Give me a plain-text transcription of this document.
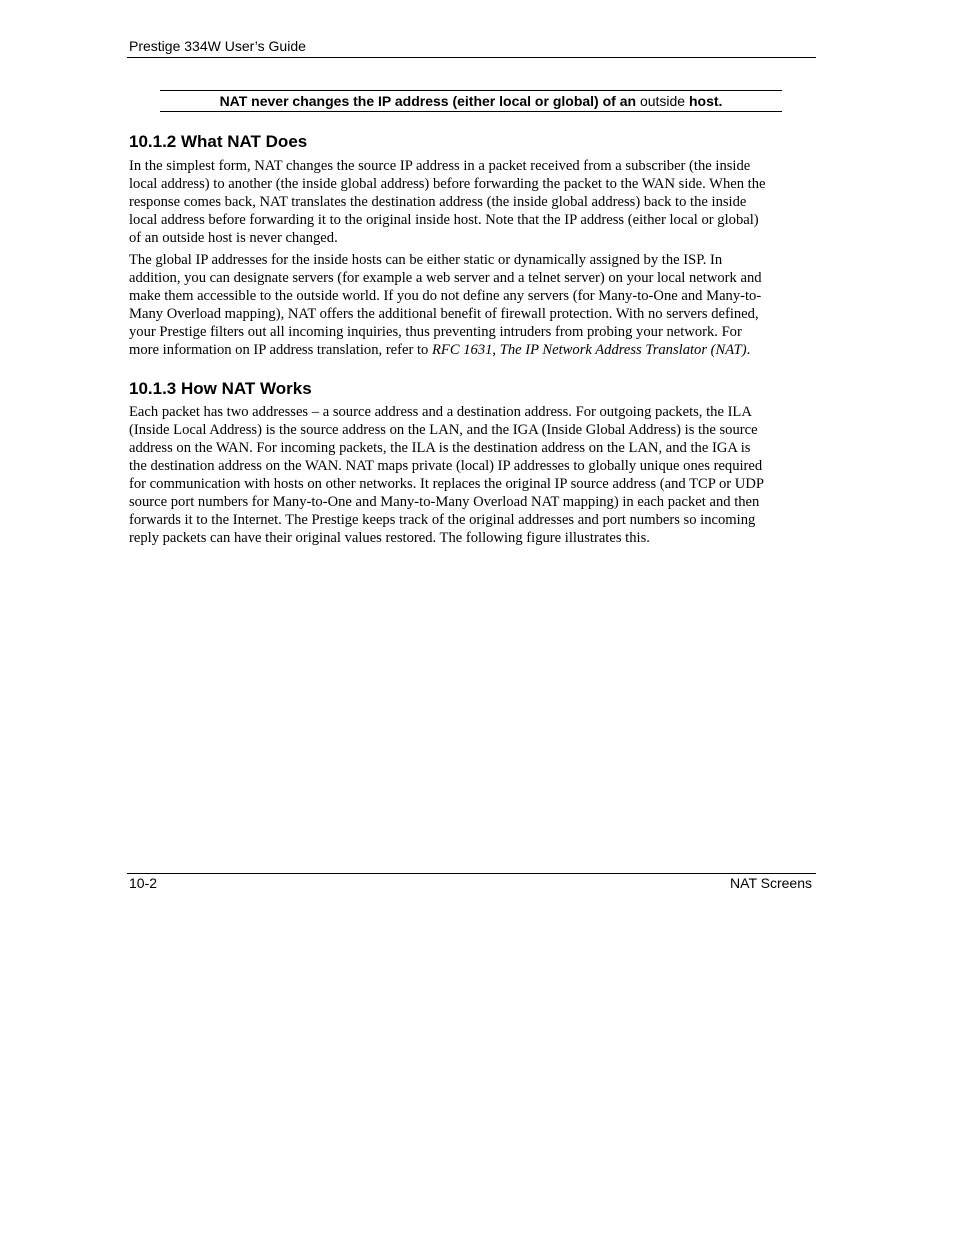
Prestige 334W User’s Guide
NAT never changes the IP address (either local or global) of an outside host.
10.1.2 What NAT Does
In the simplest form, NAT changes the source IP address in a packet received from a subscriber (the inside
local address) to another (the inside global address) before forwarding the packet to the WAN side. When the
response comes back, NAT translates the destination address (the inside global address) back to the inside
local address before forwarding it to the original inside host. Note that the IP address (either local or global)
of an outside host is never changed.
The global IP addresses for the inside hosts can be either static or dynamically assigned by the ISP. In
addition, you can designate servers (for example a web server and a telnet server) on your local network and
make them accessible to the outside world. If you do not define any servers (for Many-to-One and Many-to-
Many Overload mapping), NAT offers the additional benefit of firewall protection. With no servers defined,
your Prestige filters out all incoming inquiries, thus preventing intruders from probing your network. For
more information on IP address translation, refer to RFC 1631, The IP Network Address Translator (NAT).
10.1.3 How NAT Works
Each packet has two addresses – a source address and a destination address. For outgoing packets, the ILA
(Inside Local Address) is the source address on the LAN, and the IGA (Inside Global Address) is the source
address on the WAN. For incoming packets, the ILA is the destination address on the LAN, and the IGA is
the destination address on the WAN. NAT maps private (local) IP addresses to globally unique ones required
for communication with hosts on other networks. It replaces the original IP source address (and TCP or UDP
source port numbers for Many-to-One and Many-to-Many Overload NAT mapping) in each packet and then
forwards it to the Internet. The Prestige keeps track of the original addresses and port numbers so incoming
reply packets can have their original values restored. The following figure illustrates this.
10-2	NAT Screens
